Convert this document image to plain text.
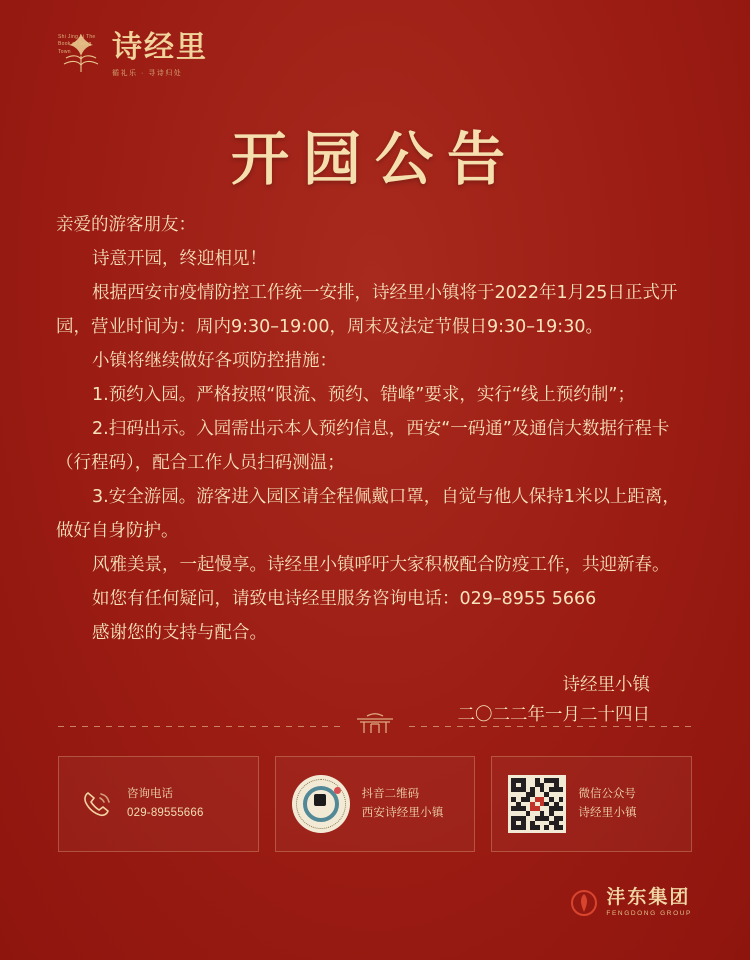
Shi Jing Li The Book of Song Town	诗经里
循礼乐 · 寻诗归处
开园公告

亲爱的游客朋友：

诗意开园，终迎相见！

根据西安市疫情防控工作统一安排，诗经里小镇将于2022年1月25日正式开园，营业时间为：周内9:30–19:00，周末及法定节假日9:30–19:30。

小镇将继续做好各项防控措施：

1.预约入园。严格按照“限流、预约、错峰”要求，实行“线上预约制”；

2.扫码出示。入园需出示本人预约信息，西安“一码通”及通信大数据行程卡（行程码），配合工作人员扫码测温；

3.安全游园。游客进入园区请全程佩戴口罩，自觉与他人保持1米以上距离，做好自身防护。

风雅美景，一起慢享。诗经里小镇呼吁大家积极配合防疫工作，共迎新春。

如您有任何疑问，请致电诗经里服务咨询电话：029–8955 5666

感谢您的支持与配合。

诗经里小镇
二〇二二年一月二十四日
咨询电话
029-89555666
抖音二维码
西安诗经里小镇
微信公众号
诗经里小镇
沣东集团
FENGDONG GROUP
